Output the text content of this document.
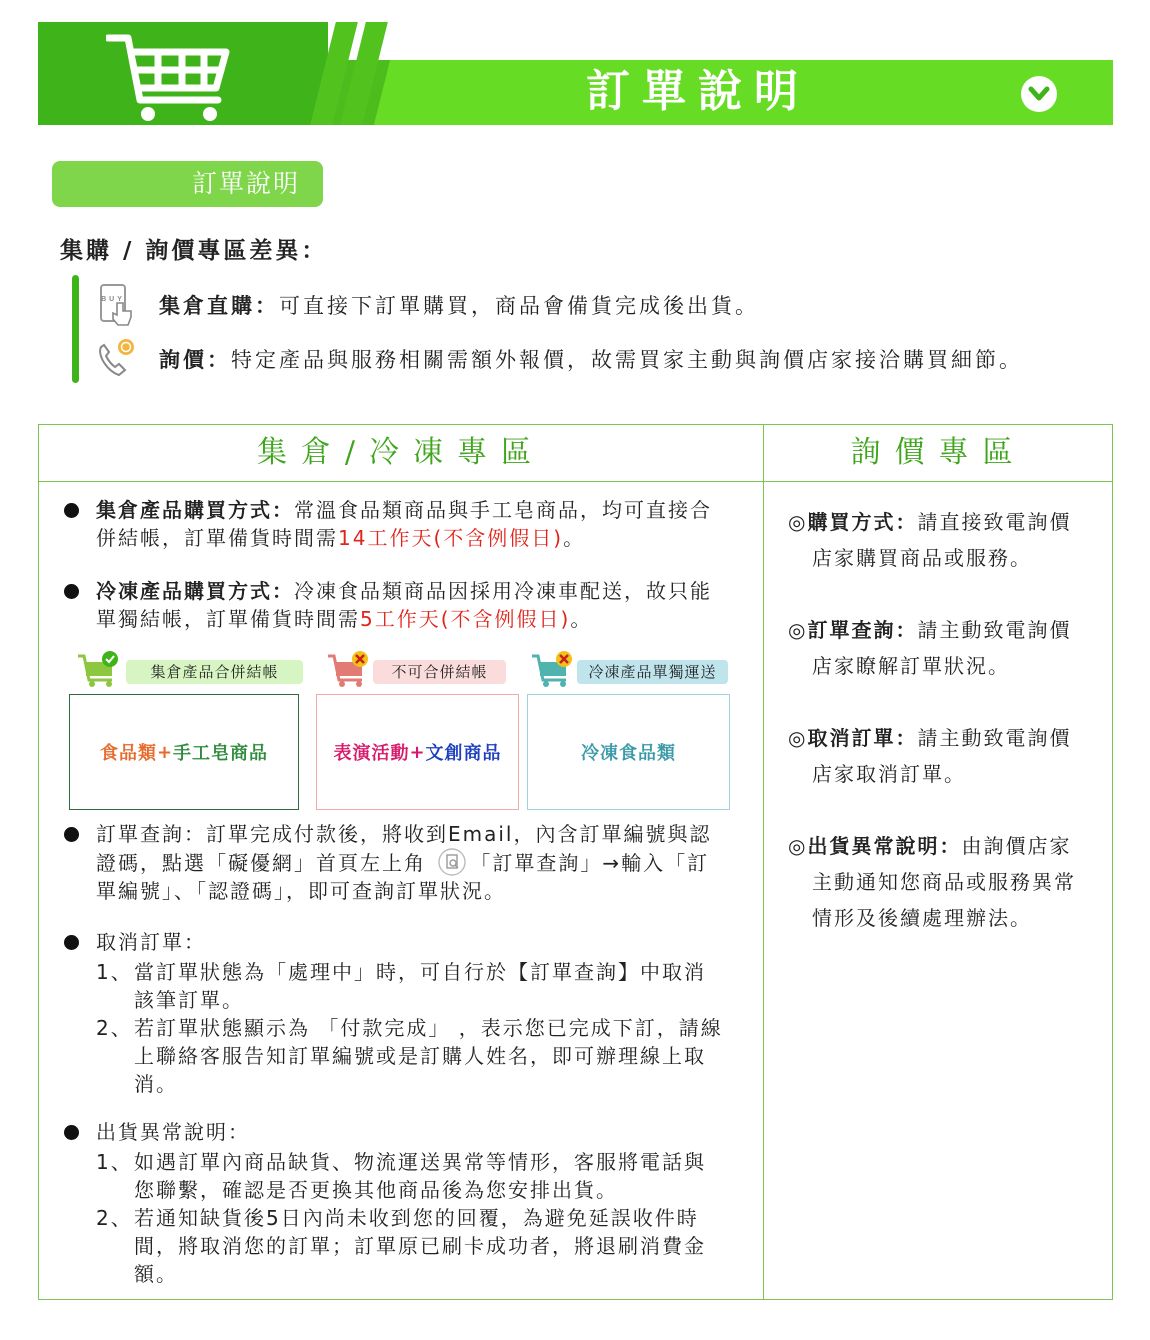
訂單說明
訂單說明
集購 / 詢價專區差異：
BUY 集倉直購： 可直接下訂單購買，商品會備貨完成後出貨。
詢價： 特定產品與服務相關需額外報價，故需買家主動與詢價店家接洽購買細節。
集倉/冷凍專區	詢價專區
集倉產品購買方式：常溫食品類商品與手工皂商品，均可直接合併結帳，訂單備貨時間需14工作天(不含例假日)。
冷凍產品購買方式：冷凍食品類商品因採用冷凍車配送，故只能單獨結帳，訂單備貨時間需5工作天(不含例假日)。
集倉產品合併結帳	不可合併結帳	冷凍產品單獨運送
食品類 + 手工皂商品	表演活動 + 文創商品	冷凍食品類
訂單查詢：訂單完成付款後，將收到Email，內含訂單編號與認證碼，點選「礙優網」首頁左上角 「訂單查詢」→輸入「訂單編號」、「認證碼」，即可查詢訂單狀況。
取消訂單：
1、 當訂單狀態為「處理中」時，可自行於【訂單查詢】中取消該筆訂單。
2、 若訂單狀態顯示為 「付款完成」 ，表示您已完成下訂，請線上聯絡客服告知訂單編號或是訂購人姓名，即可辦理線上取消。
出貨異常說明：
1、 如遇訂單內商品缺貨、物流運送異常等情形，客服將電話與您聯繫，確認是否更換其他商品後為您安排出貨。
2、 若通知缺貨後5日內尚未收到您的回覆，為避免延誤收件時間，將取消您的訂單；訂單原已刷卡成功者，將退刷消費金額。
◎購買方式：請直接致電詢價
店家購買商品或服務。
◎訂單查詢：請主動致電詢價
店家瞭解訂單狀況。
◎取消訂單：請主動致電詢價
店家取消訂單。
◎出貨異常說明：由詢價店家
主動通知您商品或服務異常
情形及後續處理辦法。
